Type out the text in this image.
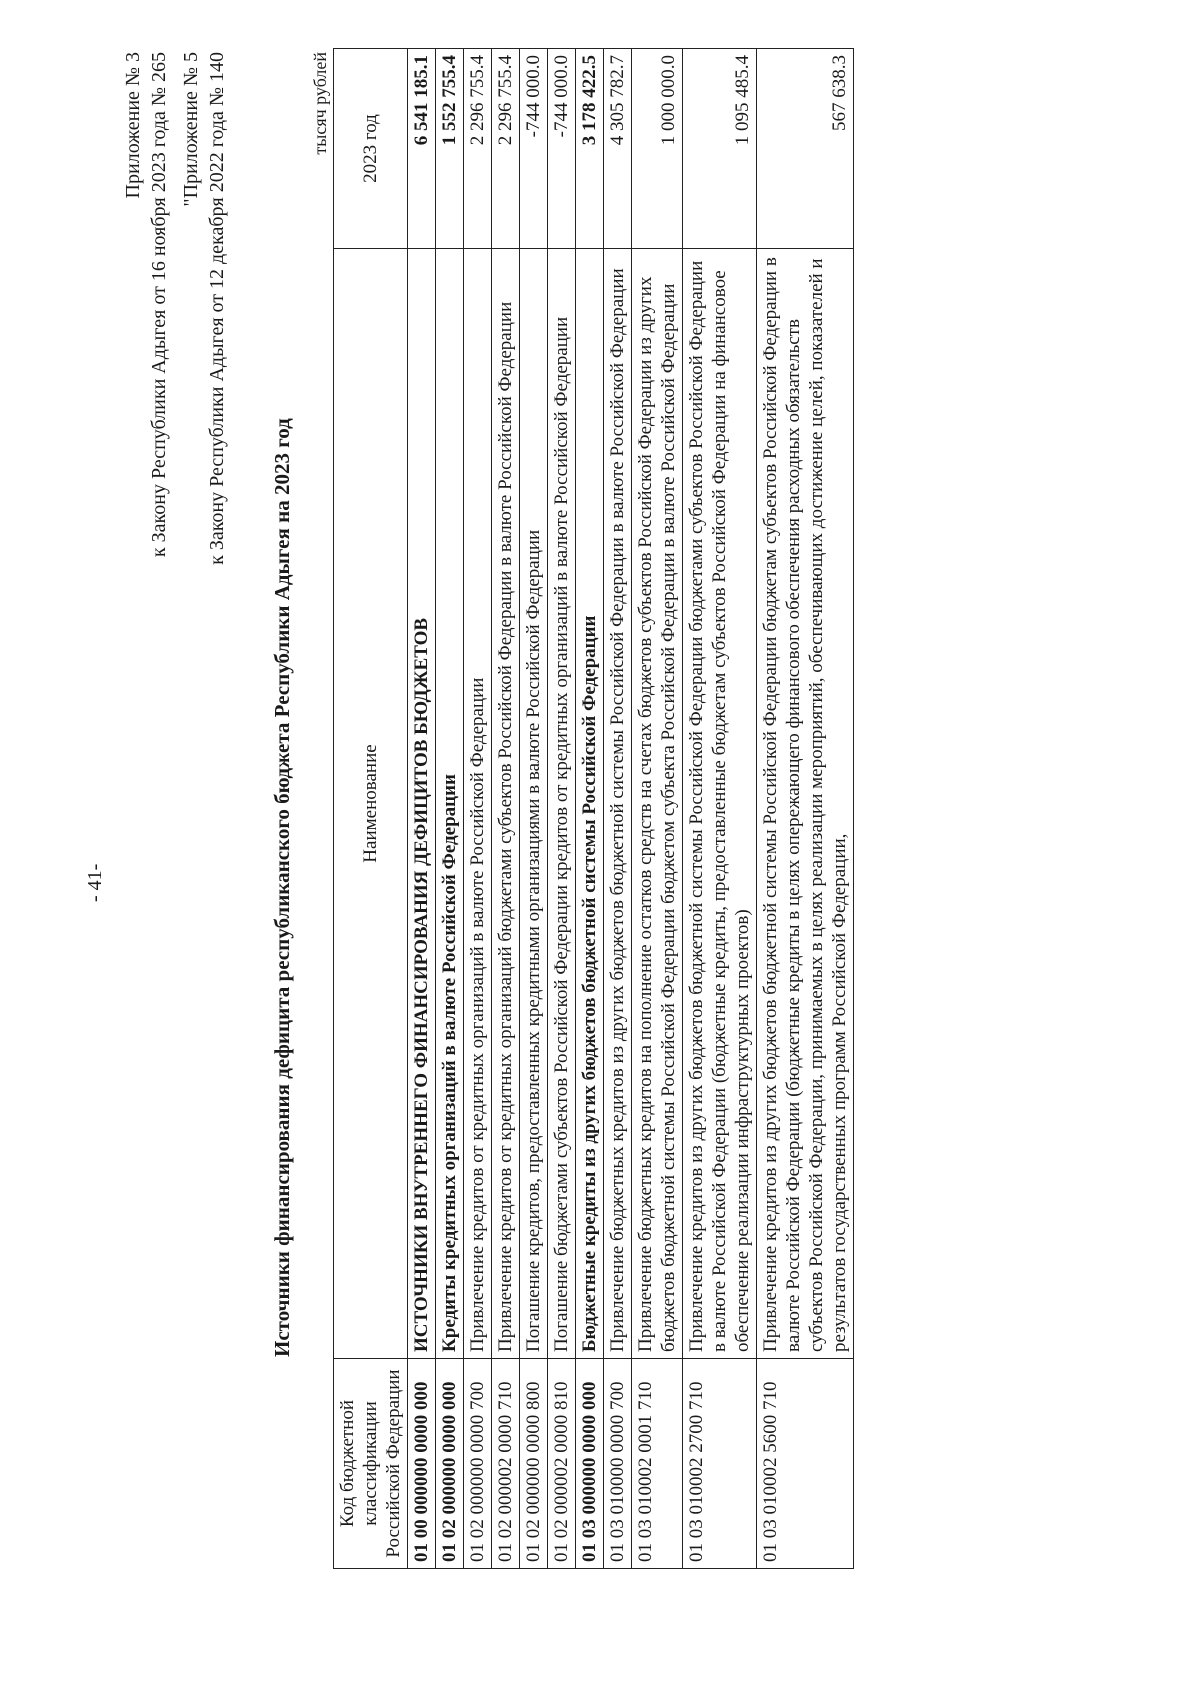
- 41-
Приложение № 3 к Закону Республики Адыгея от 16 ноября 2023 года № 265 "Приложение № 5 к Закону Республики Адыгея от 12 декабря 2022 года № 140
Источники финансирования дефицита республиканского бюджета Республики Адыгея на 2023 год
тысяч рублей
Код бюджетной классификации Российской Федерации	Наименование	2023 год
01 00 000000 0000 000	ИСТОЧНИКИ ВНУТРЕННЕГО ФИНАНСИРОВАНИЯ ДЕФИЦИТОВ БЮДЖЕТОВ	6 541 185.1
01 02 000000 0000 000	Кредиты кредитных организаций в валюте Российской Федерации	1 552 755.4
01 02 000000 0000 700	Привлечение кредитов от кредитных организаций в валюте Российской Федерации	2 296 755.4
01 02 000002 0000 710	Привлечение кредитов от кредитных организаций бюджетами субъектов Российской Федерации в валюте Российской Федерации	2 296 755.4
01 02 000000 0000 800	Погашение кредитов, предоставленных кредитными организациями в валюте Российской Федерации	-744 000.0
01 02 000002 0000 810	Погашение бюджетами субъектов Российской Федерации кредитов от кредитных организаций в валюте Российской Федерации	-744 000.0
01 03 000000 0000 000	Бюджетные кредиты из других бюджетов бюджетной системы Российской Федерации	3 178 422.5
01 03 010000 0000 700	Привлечение бюджетных кредитов из других бюджетов бюджетной системы Российской Федерации в валюте Российской Федерации	4 305 782.7
01 03 010002 0001 710	Привлечение бюджетных кредитов на пополнение остатков средств на счетах бюджетов субъектов Российской Федерации из других бюджетов бюджетной системы Российской Федерации бюджетом субъекта Российской Федерации в валюте Российской Федерации	1 000 000.0
01 03 010002 2700 710	Привлечение кредитов из других бюджетов бюджетной системы Российской Федерации бюджетами субъектов Российской Федерации в валюте Российской Федерации (бюджетные кредиты, предоставленные бюджетам субъектов Российской Федерации на финансовое обеспечение реализации инфраструктурных проектов)	1 095 485.4
01 03 010002 5600 710	Привлечение кредитов из других бюджетов бюджетной системы Российской Федерации бюджетам субъектов Российской Федерации в валюте Российской Федерации (бюджетные кредиты в целях опережающего финансового обеспечения расходных обязательств субъектов Российской Федерации, принимаемых в целях реализации мероприятий, обеспечивающих достижение целей, показателей и результатов государственных программ Российской Федерации,	567 638.3
